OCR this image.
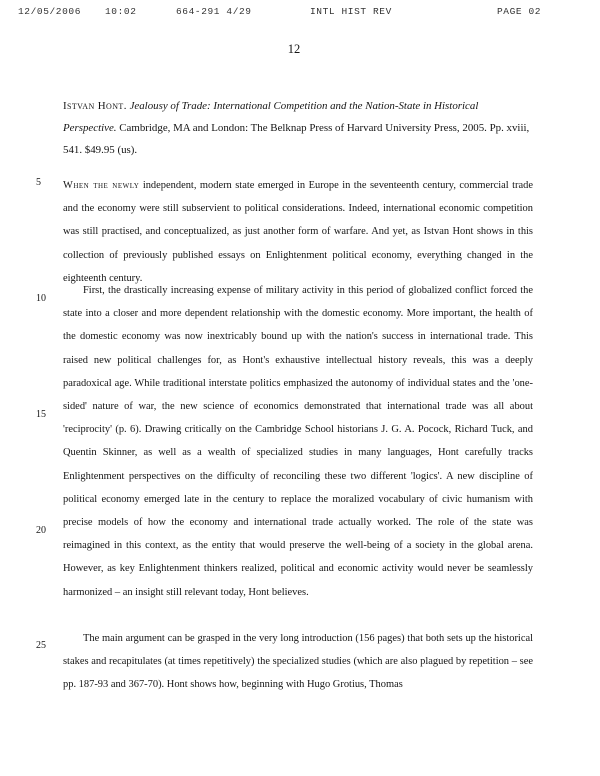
12/05/2006	10:02	664-291 4/29	INTL HIST REV	PAGE 02
12
Istvan Hont. Jealousy of Trade: International Competition and the Nation-State in Historical Perspective. Cambridge, MA and London: The Belknap Press of Harvard University Press, 2005. Pp. xviii, 541. $49.95 (us).
When the newly independent, modern state emerged in Europe in the seventeenth century, commercial trade and the economy were still subservient to political considerations. Indeed, international economic competition was still practised, and conceptualized, as just another form of warfare. And yet, as Istvan Hont shows in this collection of previously published essays on Enlightenment political economy, everything changed in the eighteenth century.
First, the drastically increasing expense of military activity in this period of globalized conflict forced the state into a closer and more dependent relationship with the domestic economy. More important, the health of the domestic economy was now inextricably bound up with the nation's success in international trade. This raised new political challenges for, as Hont's exhaustive intellectual history reveals, this was a deeply paradoxical age. While traditional interstate politics emphasized the autonomy of individual states and the 'one-sided' nature of war, the new science of economics demonstrated that international trade was all about 'reciprocity' (p. 6). Drawing critically on the Cambridge School historians J. G. A. Pocock, Richard Tuck, and Quentin Skinner, as well as a wealth of specialized studies in many languages, Hont carefully tracks Enlightenment perspectives on the difficulty of reconciling these two different 'logics'. A new discipline of political economy emerged late in the century to replace the moralized vocabulary of civic humanism with precise models of how the economy and international trade actually worked. The role of the state was reimagined in this context, as the entity that would preserve the well-being of a society in the global arena. However, as key Enlightenment thinkers realized, political and economic activity would never be seamlessly harmonized – an insight still relevant today, Hont believes.
The main argument can be grasped in the very long introduction (156 pages) that both sets up the historical stakes and recapitulates (at times repetitively) the specialized studies (which are also plagued by repetition – see pp. 187-93 and 367-70). Hont shows how, beginning with Hugo Grotius, Thomas
5
10
15
20
25
